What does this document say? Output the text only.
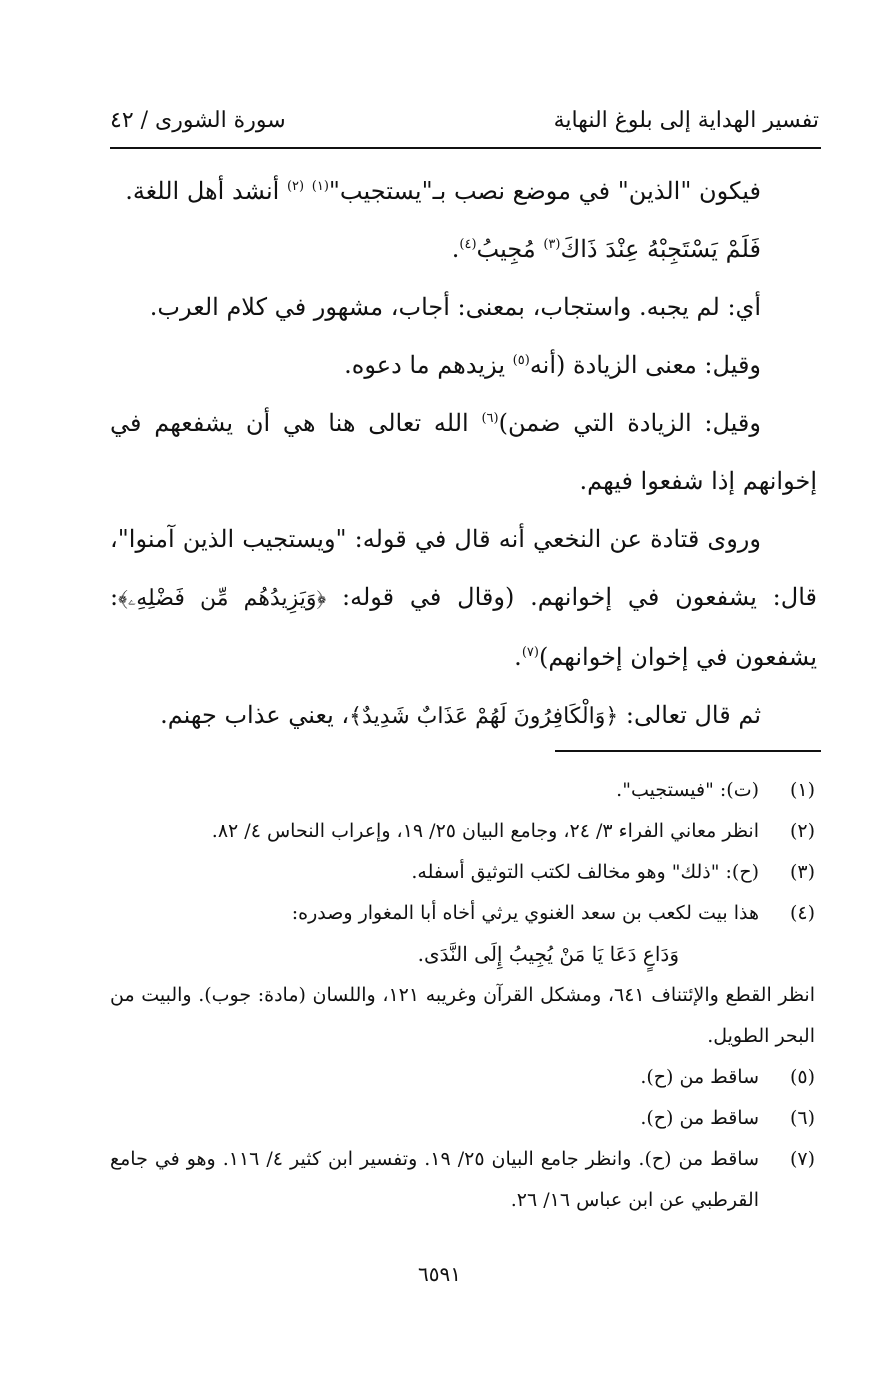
تفسير الهداية إلى بلوغ النهاية
سورة الشورى / ٤٢

فيكون "الذين" في موضع نصب بـ"يستجيب"$^{(١)}$ $^{(٢)}$ أنشد أهل اللغة.

فَلَمْ يَسْتَجِبْهُ عِنْدَ ذَاكَ$^{(٣)}$ مُجِيبُ$^{(٤)}$.

أي: لم يجبه. واستجاب، بمعنى: أجاب، مشهور في كلام العرب.

وقيل: معنى الزيادة (أنه$^{(٥)}$ يزيدهم ما دعوه.

وقيل: الزيادة التي ضمن)$^{(٦)}$ الله تعالى هنا هي أن يشفعهم في إخوانهم إذا شفعوا فيهم.

وروى قتادة عن النخعي أنه قال في قوله: "ويستجيب الذين آمنوا"، قال: يشفعون في إخوانهم. (وقال في قوله: ﴿وَيَزِيدُهُم مِّن فَضْلِهِۦ﴾: يشفعون في إخوان إخوانهم)$^{(٧)}$.

ثم قال تعالى: ﴿وَالْكَافِرُونَ لَهُمْ عَذَابٌ شَدِيدٌ﴾، يعني عذاب جهنم.

(١)
(ت): "فيستجيب".
(٢)
انظر معاني الفراء ٣/ ٢٤، وجامع البيان ٢٥/ ١٩، وإعراب النحاس ٤/ ٨٢.
(٣)
(ح): "ذلك" وهو مخالف لكتب التوثيق أسفله.
(٤)
هذا بيت لكعب بن سعد الغنوي يرثي أخاه أبا المغوار وصدره:
وَدَاعٍ دَعَا يَا مَنْ يُجِيبُ إِلَى النَّدَى.
انظر القطع والإئتناف ٦٤١، ومشكل القرآن وغريبه ١٢١، واللسان (مادة: جوب). والبيت من البحر الطويل.
(٥)
ساقط من (ح).
(٦)
ساقط من (ح).
(٧)
ساقط من (ح). وانظر جامع البيان ٢٥/ ١٩. وتفسير ابن كثير ٤/ ١١٦. وهو في جامع القرطبي عن ابن عباس ١٦/ ٢٦.
٦٥٩١
